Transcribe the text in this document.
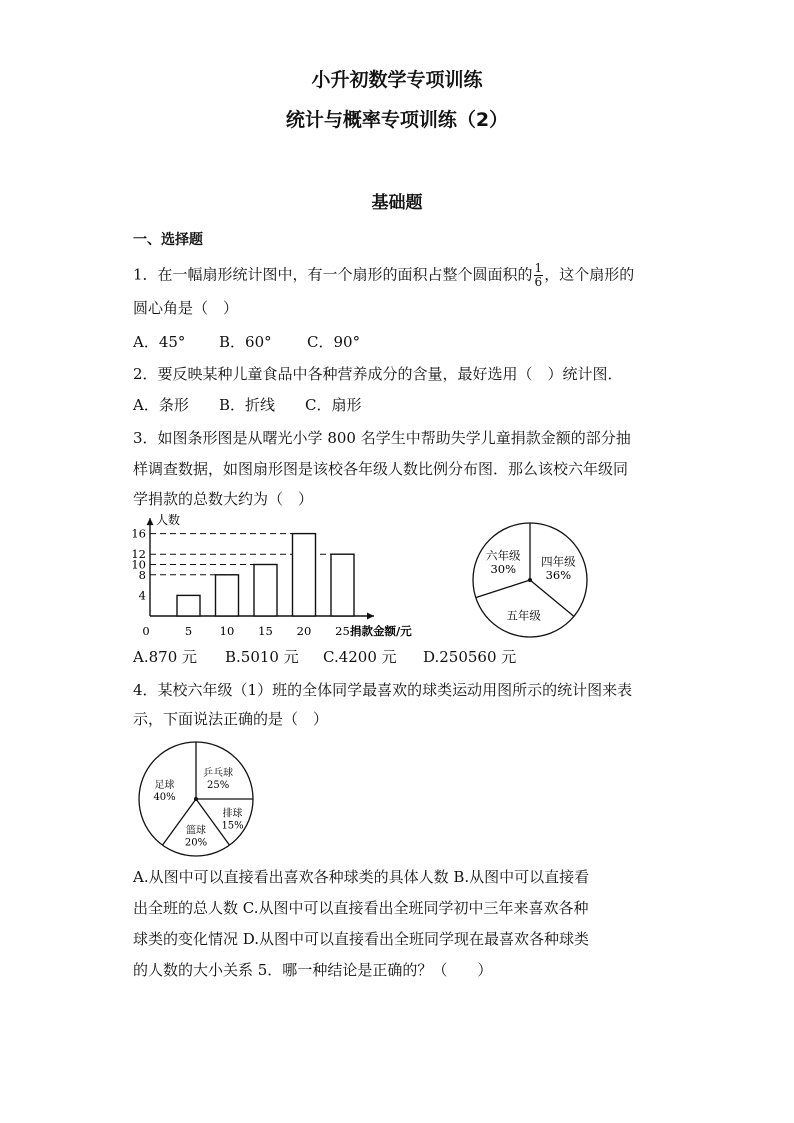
小升初数学专项训练
统计与概率专项训练（2）
基础题
一、选择题
1．在一幅扇形统计图中，有一个扇形的面积占整个圆面积的 $\frac{1}{6}$ ，这个扇形的
圆心角是（　）
A．45° B．60° C．90°
2．要反映某种儿童食品中各种营养成分的含量，最好选用（　）统计图．
A．条形 B．折线 C．扇形
3．如图条形图是从曙光小学 800 名学生中帮助失学儿童捐款金额的部分抽
样调查数据，如图扇形图是该校各年级人数比例分布图．那么该校六年级同
学捐款的总数大约为（　）
人数
捐款金额/元
0
4
8
10
12
16
5 10 15 20 25
四年级
36%
五年级
六年级
30%
A.870 元 B.5010 元 C.4200 元 D.250560 元
4．某校六年级（1）班的全体同学最喜欢的球类运动用图所示的统计图来表
示，下面说法正确的是（　）
乒乓球
25%
排球
15%
篮球
20%
足球
40%
A.从图中可以直接看出喜欢各种球类的具体人数 B.从图中可以直接看
出全班的总人数 C.从图中可以直接看出全班同学初中三年来喜欢各种
球类的变化情况 D.从图中可以直接看出全班同学现在最喜欢各种球类
的人数的大小关系 5．哪一种结论是正确的？（　　）
